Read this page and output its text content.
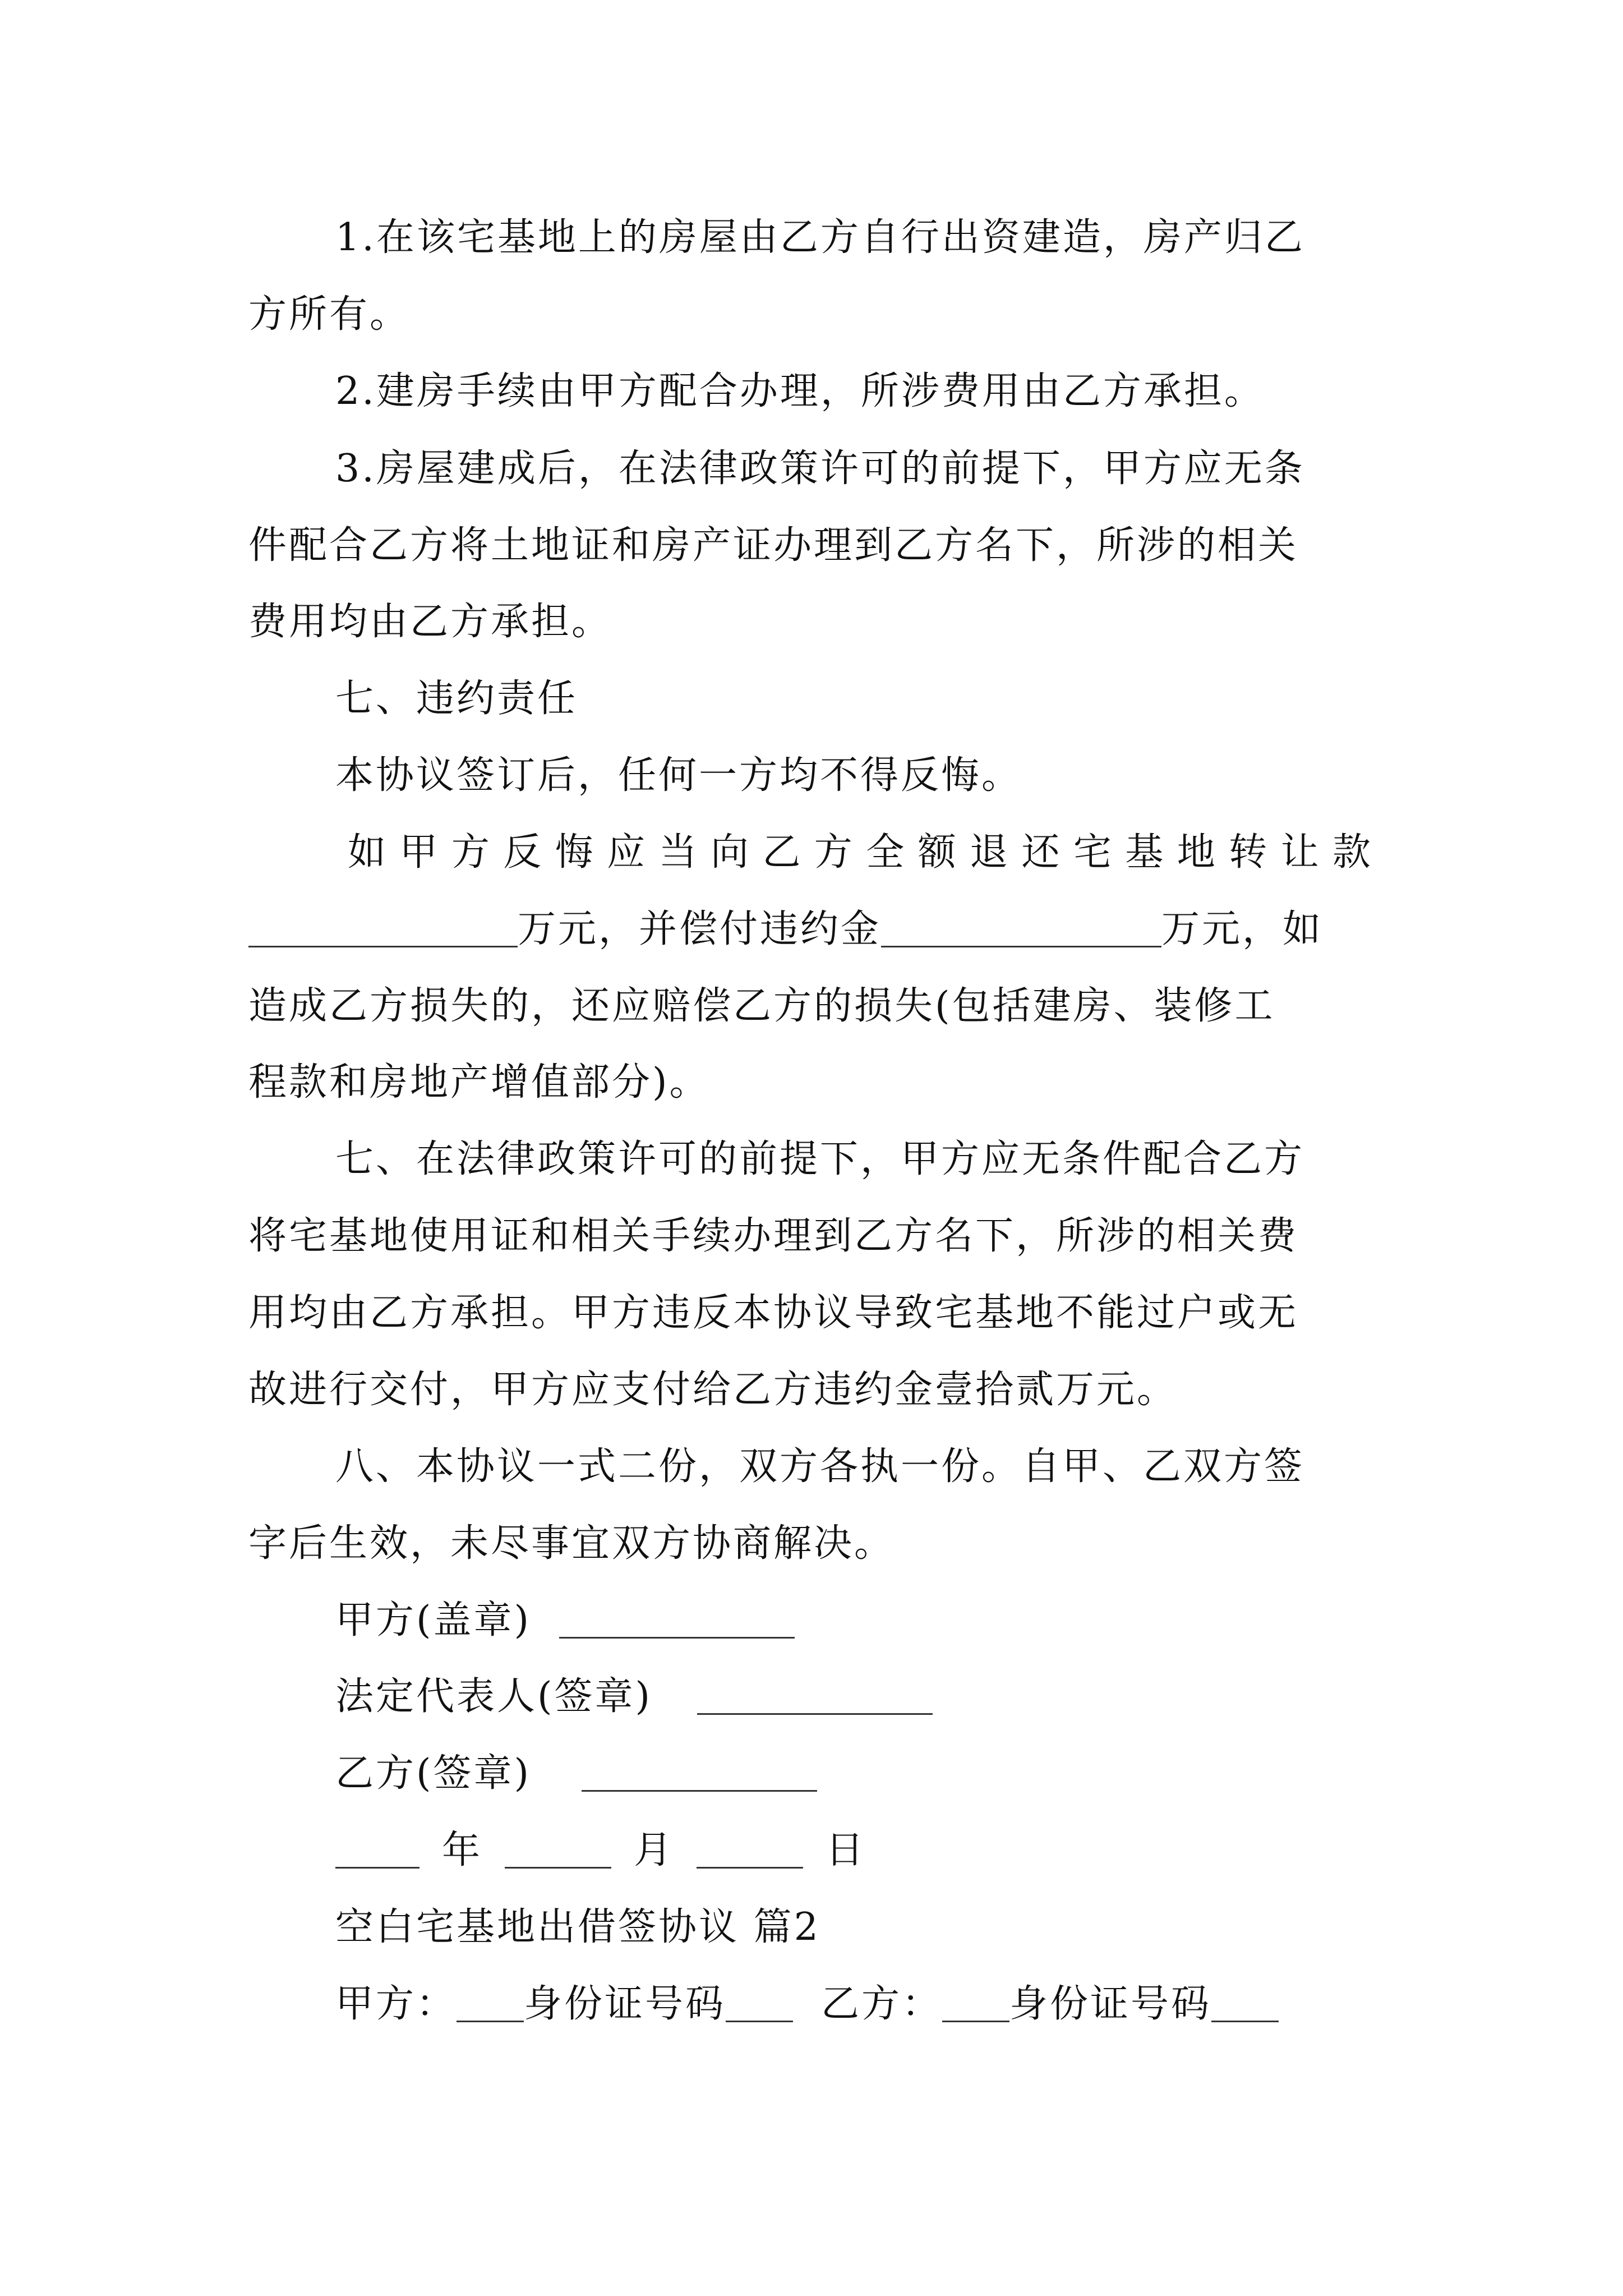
1.在该宅基地上的房屋由乙方自行出资建造，房产归乙
方所有。
2.建房手续由甲方配合办理，所涉费用由乙方承担。
3.房屋建成后，在法律政策许可的前提下，甲方应无条
件配合乙方将土地证和房产证办理到乙方名下，所涉的相关
费用均由乙方承担。
七、违约责任
本协议签订后，任何一方均不得反悔。
如甲方反悔应当向乙方全额退还宅基地转让款
万元，并偿付违约金	万元，如
造成乙方损失的，还应赔偿乙方的损失(包括建房、装修工
程款和房地产增值部分)。
七、在法律政策许可的前提下，甲方应无条件配合乙方
将宅基地使用证和相关手续办理到乙方名下，所涉的相关费
用均由乙方承担。甲方违反本协议导致宅基地不能过户或无
故进行交付，甲方应支付给乙方违约金壹拾贰万元。
八、本协议一式二份，双方各执一份。自甲、乙双方签
字后生效，未尽事宜双方协商解决。
甲方(盖章)
法定代表人(签章)
乙方(签章)
年	月	日
空白宅基地出借签协议 篇2
甲方： 身份证号码	乙方： 身份证号码
